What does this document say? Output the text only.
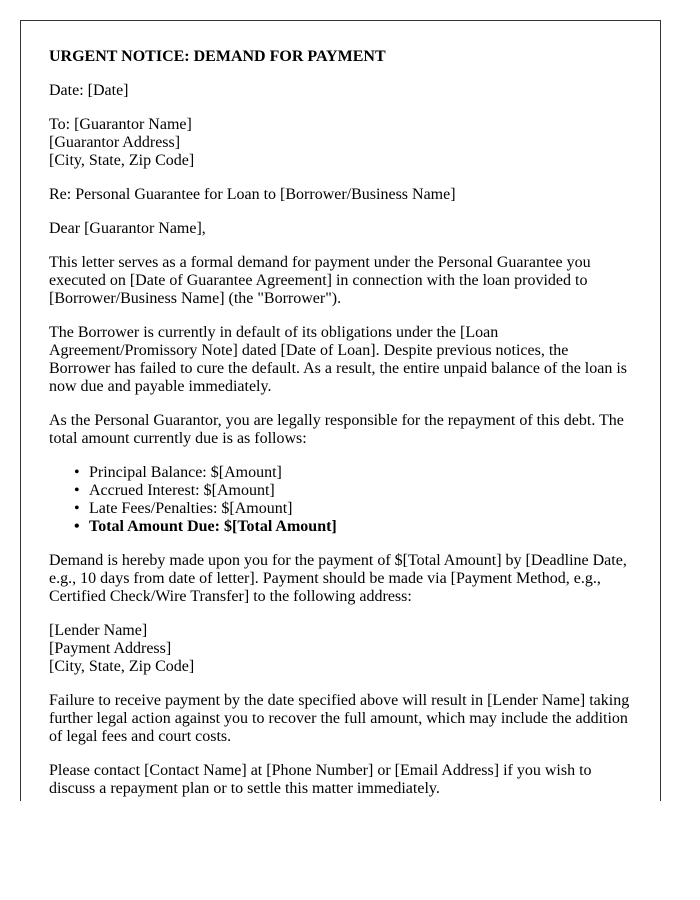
URGENT NOTICE: DEMAND FOR PAYMENT

Date: [Date]

To: [Guarantor Name]
[Guarantor Address]
[City, State, Zip Code]

Re: Personal Guarantee for Loan to [Borrower/Business Name]

Dear [Guarantor Name],

This letter serves as a formal demand for payment under the Personal Guarantee you executed on [Date of Guarantee Agreement] in connection with the loan provided to [Borrower/Business Name] (the "Borrower").

The Borrower is currently in default of its obligations under the [Loan Agreement/Promissory Note] dated [Date of Loan]. Despite previous notices, the Borrower has failed to cure the default. As a result, the entire unpaid balance of the loan is now due and payable immediately.

As the Personal Guarantor, you are legally responsible for the repayment of this debt. The total amount currently due is as follows:

• Principal Balance: $[Amount]
• Accrued Interest: $[Amount]
• Late Fees/Penalties: $[Amount]
• Total Amount Due: $[Total Amount]

Demand is hereby made upon you for the payment of $[Total Amount] by [Deadline Date, e.g., 10 days from date of letter]. Payment should be made via [Payment Method, e.g., Certified Check/Wire Transfer] to the following address:

[Lender Name]
[Payment Address]
[City, State, Zip Code]

Failure to receive payment by the date specified above will result in [Lender Name] taking further legal action against you to recover the full amount, which may include the addition of legal fees and court costs.

Please contact [Contact Name] at [Phone Number] or [Email Address] if you wish to discuss a repayment plan or to settle this matter immediately.
